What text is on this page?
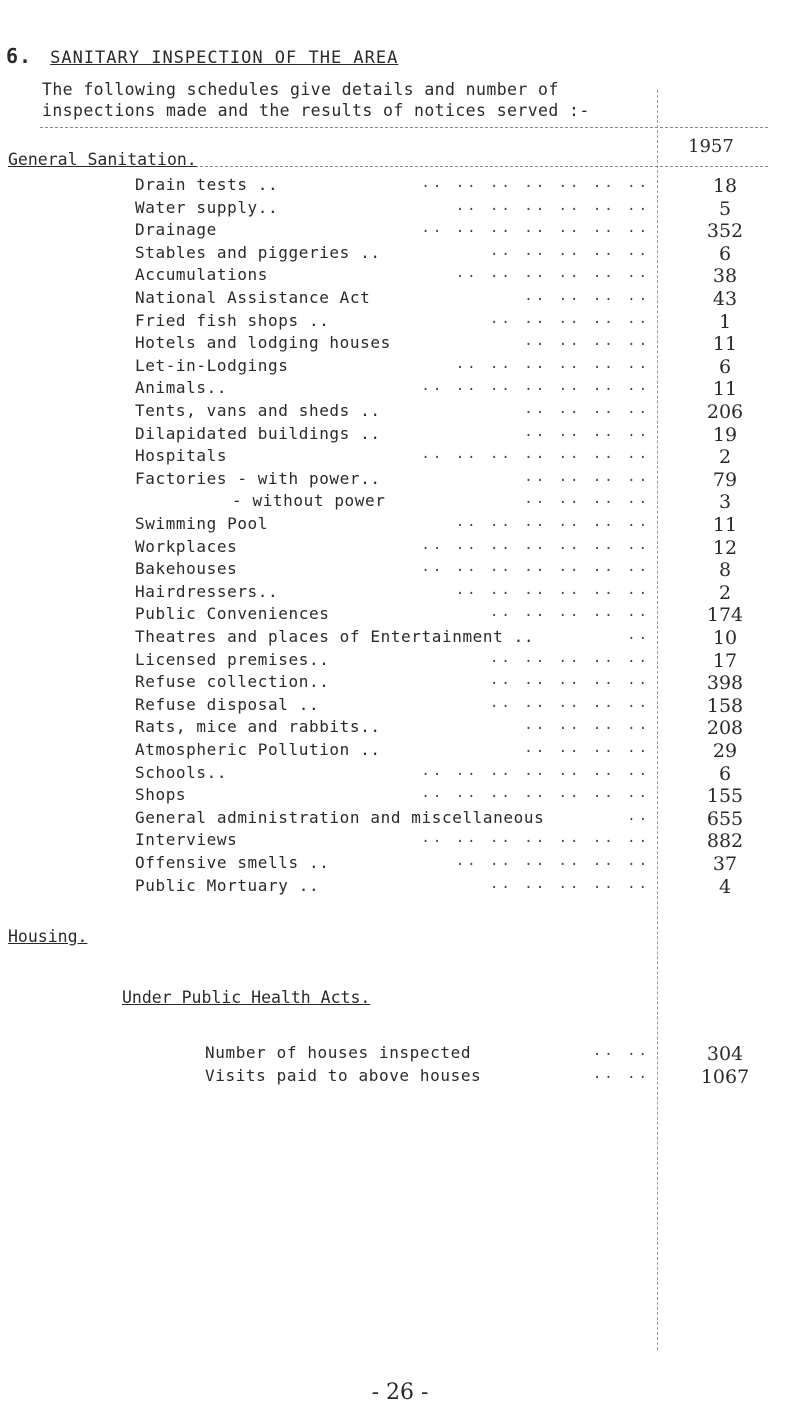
6. SANITARY INSPECTION OF THE AREA
The following schedules give details and number of
inspections made and the results of notices served :-
1957
General Sanitation.
Drain tests ..	.. .. .. .. .. .. ..	18
Water supply..	.. .. .. .. .. ..	5
Drainage	.. .. .. .. .. .. ..	352
Stables and piggeries ..	.. .. .. .. ..	6
Accumulations	.. .. .. .. .. ..	38
National Assistance Act	.. .. .. ..	43
Fried fish shops ..	.. .. .. .. ..	1
Hotels and lodging houses	.. .. .. ..	11
Let-in-Lodgings	.. .. .. .. .. ..	6
Animals..	.. .. .. .. .. .. ..	11
Tents, vans and sheds ..	.. .. .. ..	206
Dilapidated buildings ..	.. .. .. ..	19
Hospitals	.. .. .. .. .. .. ..	2
Factories - with power..	.. .. .. ..	79
- without power	.. .. .. ..	3
Swimming Pool	.. .. .. .. .. ..	11
Workplaces	.. .. .. .. .. .. ..	12
Bakehouses	.. .. .. .. .. .. ..	8
Hairdressers..	.. .. .. .. .. ..	2
Public Conveniences	.. .. .. .. ..	174
Theatres and places of Entertainment ..	..	10
Licensed premises..	.. .. .. .. ..	17
Refuse collection..	.. .. .. .. ..	398
Refuse disposal ..	.. .. .. .. ..	158
Rats, mice and rabbits..	.. .. .. ..	208
Atmospheric Pollution ..	.. .. .. ..	29
Schools..	.. .. .. .. .. .. ..	6
Shops	.. .. .. .. .. .. ..	155
General administration and miscellaneous	..	655
Interviews	.. .. .. .. .. .. ..	882
Offensive smells ..	.. .. .. .. .. ..	37
Public Mortuary ..	.. .. .. .. ..	4
Housing.
Under Public Health Acts.
Number of houses inspected	.. ..	304
Visits paid to above houses	.. ..	1067
- 26 -
